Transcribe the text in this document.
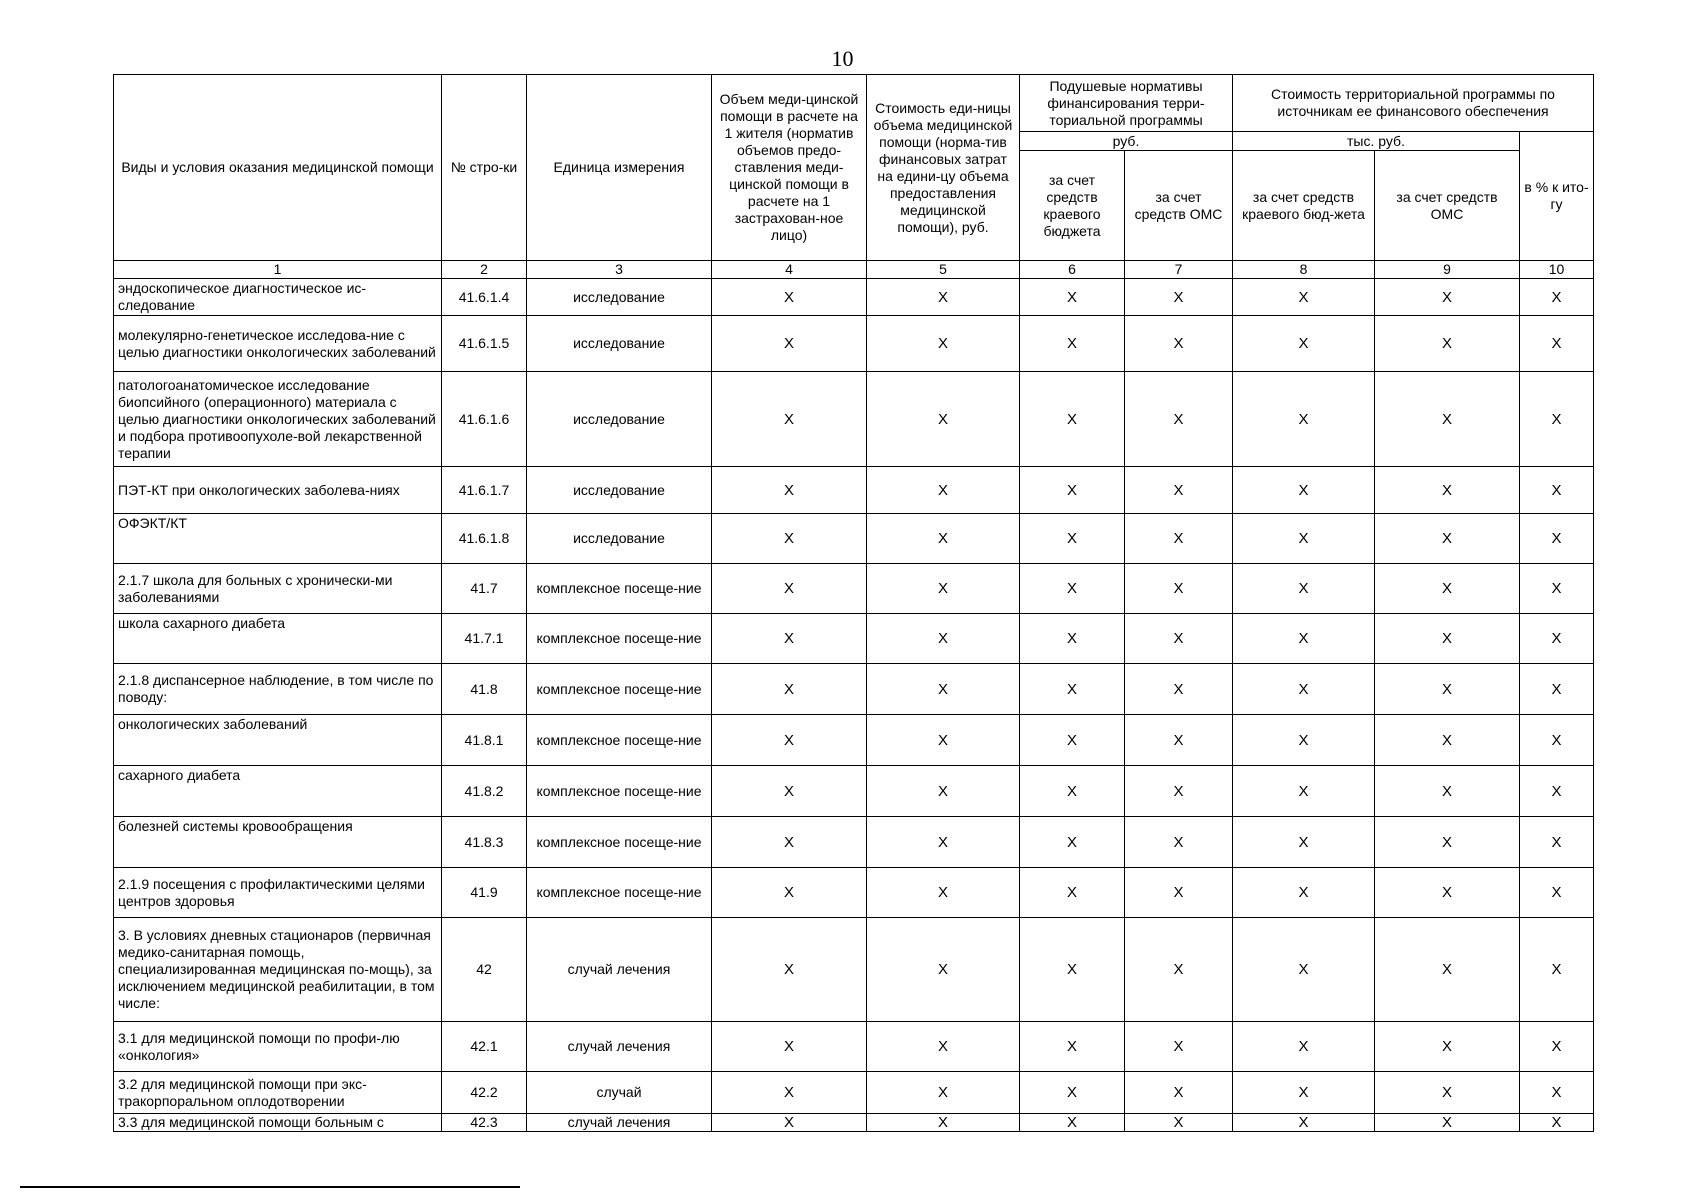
10
Виды и условия оказания медицинской помощи	№ стро-ки	Единица измерения	Объем меди-цинской помощи в расчете на 1 жителя (норматив объемов предо-ставления меди-цинской помощи в расчете на 1 застрахован-ное лицо)	Стоимость еди-ницы объема медицинской помощи (норма-тив финансовых затрат на едини-цу объема предоставления медицинской помощи), руб.	Подушевые нормативы финансирования терри-ториальной программы		Стоимость территориальной программы по источникам ее финансового обеспечения		
					руб.		тыс. руб.		в % к ито-гу
					за счет средств краевого бюджета	за счет средств ОМС	за счет средств краевого бюд-жета	за счет средств ОМС	
1	2	3	4	5	6	7	8	9	10
эндоскопическое диагностическое ис-следование	41.6.1.4	исследование	X	X	X	X	X	X	X
молекулярно-генетическое исследова-ние с целью диагностики онкологических заболеваний	41.6.1.5	исследование	X	X	X	X	X	X	X
патологоанатомическое исследование биопсийного (операционного) материала с целью диагностики онкологических заболеваний и подбора противоопухоле-вой лекарственной терапии	41.6.1.6	исследование	X	X	X	X	X	X	X
ПЭТ-КТ при онкологических заболева-ниях	41.6.1.7	исследование	X	X	X	X	X	X	X
ОФЭКТ/КТ	41.6.1.8	исследование	X	X	X	X	X	X	X
2.1.7 школа для больных с хронически-ми заболеваниями	41.7	комплексное посеще-ние	X	X	X	X	X	X	X
школа сахарного диабета	41.7.1	комплексное посеще-ние	X	X	X	X	X	X	X
2.1.8 диспансерное наблюдение, в том числе по поводу:	41.8	комплексное посеще-ние	X	X	X	X	X	X	X
онкологических заболеваний	41.8.1	комплексное посеще-ние	X	X	X	X	X	X	X
сахарного диабета	41.8.2	комплексное посеще-ние	X	X	X	X	X	X	X
болезней системы кровообращения	41.8.3	комплексное посеще-ние	X	X	X	X	X	X	X
2.1.9 посещения с профилактическими целями центров здоровья	41.9	комплексное посеще-ние	X	X	X	X	X	X	X
3. В условиях дневных стационаров (первичная медико-санитарная помощь, специализированная медицинская по-мощь), за исключением медицинской реабилитации, в том числе:	42	случай лечения	X	X	X	X	X	X	X
3.1 для медицинской помощи по профи-лю «онкология»	42.1	случай лечения	X	X	X	X	X	X	X
3.2 для медицинской помощи при экс-тракорпоральном оплодотворении	42.2	случай	X	X	X	X	X	X	X
3.3 для медицинской помощи больным с	42.3	случай лечения	X	X	X	X	X	X	X
